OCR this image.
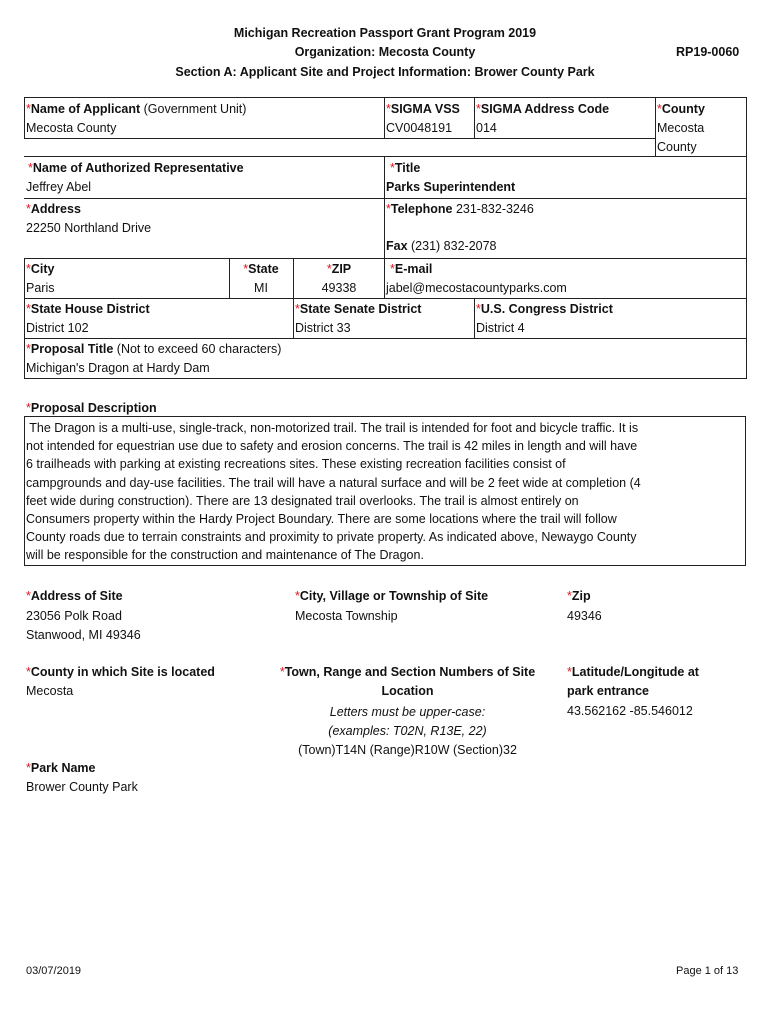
Michigan Recreation Passport Grant Program 2019
Organization: Mecosta County	RP19-0060
Section A: Applicant Site and Project Information: Brower County Park
*Name of Applicant (Government Unit)
Mecosta County
*SIGMA VSS
CV0048191
*SIGMA Address Code
014
*County
Mecosta
County
*Name of Authorized Representative
Jeffrey Abel
*Title
Parks Superintendent
*Address
22250 Northland Drive
*Telephone 231-832-3246
Fax (231) 832-2078
*City
Paris
*State
MI
*ZIP
49338
*E-mail
jabel@mecostacountyparks.com
*State House District
District 102
*State Senate District
District 33
*U.S. Congress District
District 4
*Proposal Title (Not to exceed 60 characters)
Michigan's Dragon at Hardy Dam
*Proposal Description
The Dragon is a multi-use, single-track, non-motorized trail. The trail is intended for foot and bicycle traffic. It is
not intended for equestrian use due to safety and erosion concerns. The trail is 42 miles in length and will have
6 trailheads with parking at existing recreations sites. These existing recreation facilities consist of
campgrounds and day-use facilities. The trail will have a natural surface and will be 2 feet wide at completion (4
feet wide during construction). There are 13 designated trail overlooks. The trail is almost entirely on
Consumers property within the Hardy Project Boundary. There are some locations where the trail will follow
County roads due to terrain constraints and proximity to private property. As indicated above, Newaygo County
will be responsible for the construction and maintenance of The Dragon.
*Address of Site
23056 Polk Road
Stanwood, MI 49346
*City, Village or Township of Site
Mecosta Township
*Zip
49346
*County in which Site is located
Mecosta
*Town, Range and Section Numbers of Site
Location
Letters must be upper-case:
(examples: T02N, R13E, 22)
(Town)T14N (Range)R10W (Section)32
*Latitude/Longitude at
park entrance
43.562162 -85.546012
*Park Name
Brower County Park
03/07/2019	Page 1 of 13
